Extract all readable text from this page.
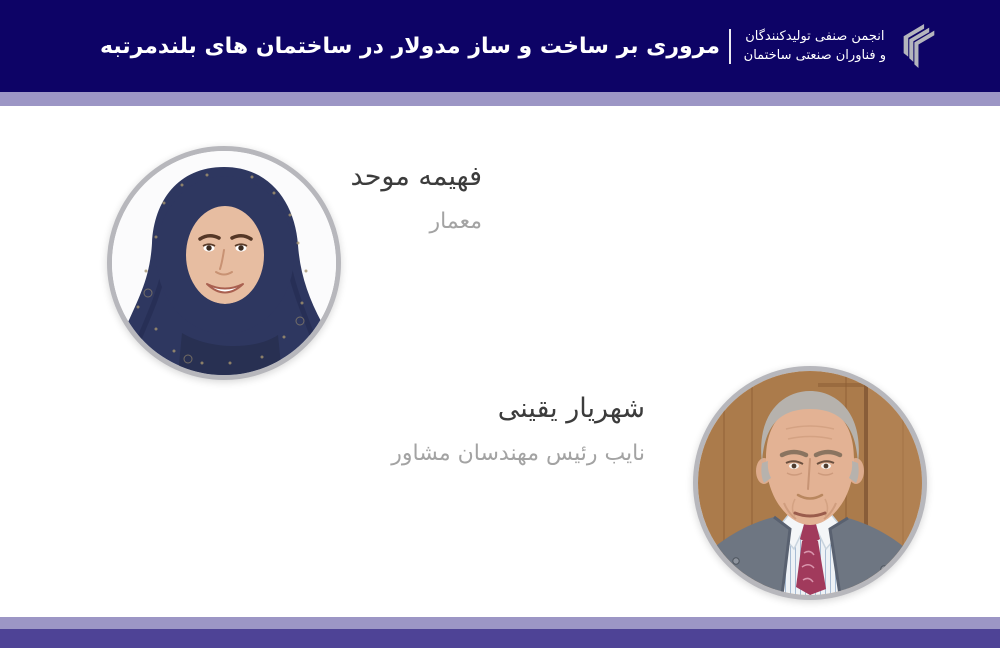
انجمن صنفی تولیدکنندگان
و فناوران صنعتی ساختمان
مروری بر ساخت و ساز مدولار در ساختمان های بلندمرتبه
فهیمه موحد
معمار
شهریار یقینی
نایب رئیس مهندسان مشاور
